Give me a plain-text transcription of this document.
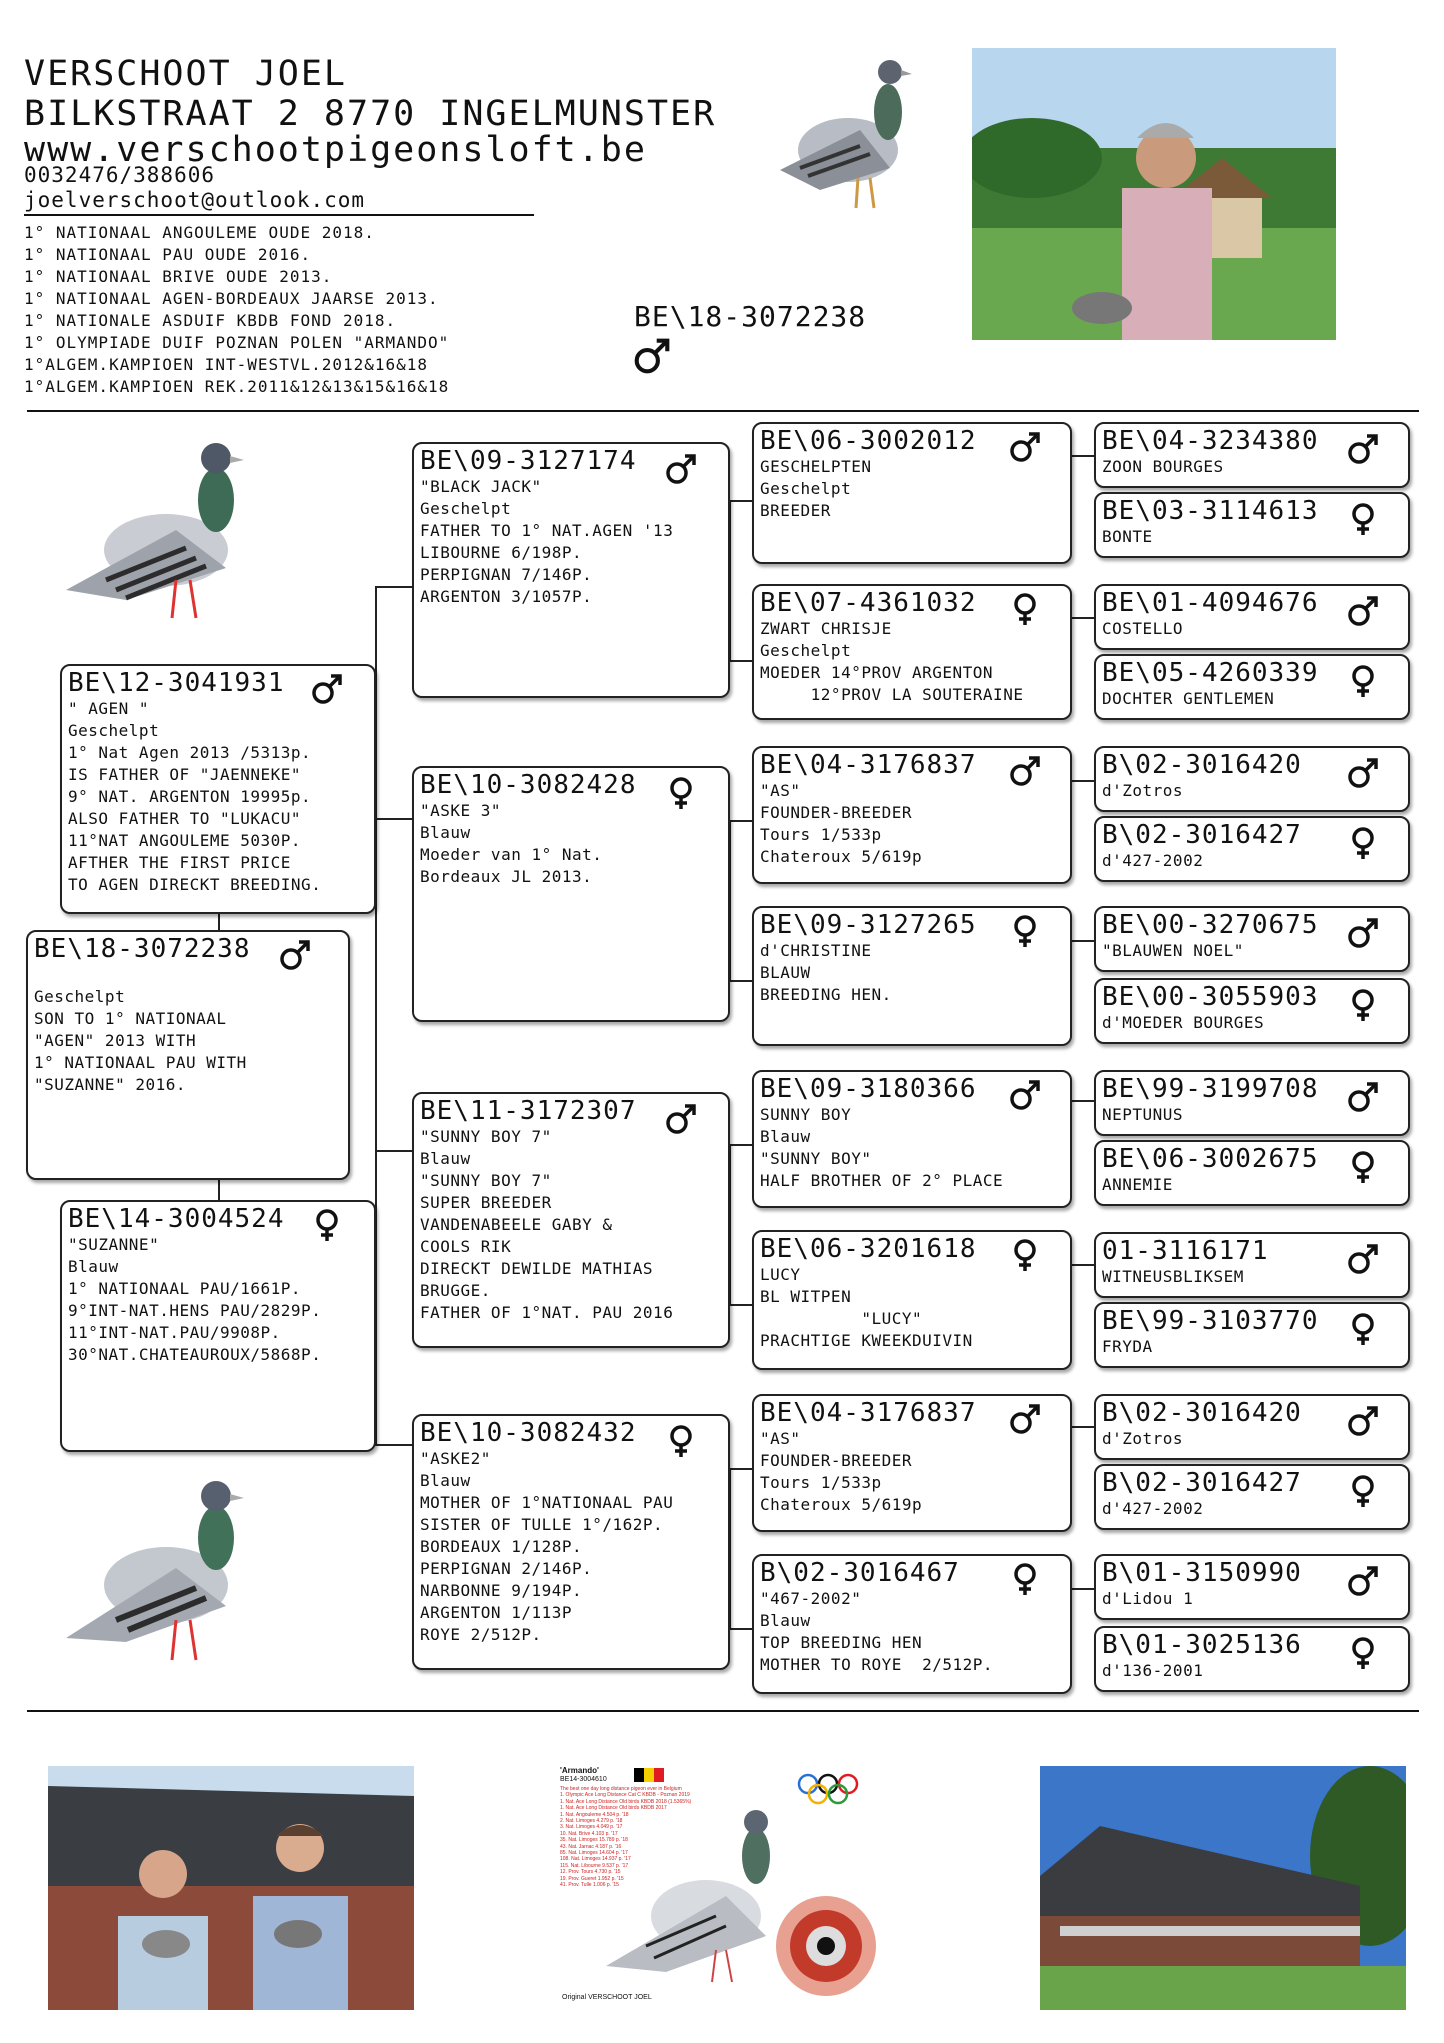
VERSCHOOT JOEL
BILKSTRAAT 2 8770 INGELMUNSTER
www.verschootpigeonsloft.be
0032476/388606
joelverschoot@outlook.com
1° NATIONAAL ANGOULEME OUDE 2018.
1° NATIONAAL PAU OUDE 2016.
1° NATIONAAL BRIVE OUDE 2013.
1° NATIONAAL AGEN-BORDEAUX JAARSE 2013.
1° NATIONALE ASDUIF KBDB FOND 2018.
1° OLYMPIADE DUIF POZNAN POLEN "ARMANDO"
1°ALGEM.KAMPIOEN INT-WESTVL.2012&16&18
1°ALGEM.KAMPIOEN REK.2011&12&13&15&16&18
BE\18-3072238
BE\18-3072238

Geschelpt
SON TO 1° NATIONAAL
"AGEN" 2013 WITH
1° NATIONAAL PAU WITH
"SUZANNE" 2016.
BE\12-3041931
" AGEN "
Geschelpt
1° Nat Agen 2013 /5313p.
IS FATHER OF "JAENNEKE"
9° NAT. ARGENTON 19995p.
ALSO FATHER TO "LUKACU"
11°NAT ANGOULEME 5030P.
AFTHER THE FIRST PRICE
TO AGEN DIRECKT BREEDING.
BE\14-3004524
"SUZANNE"
Blauw
1° NATIONAAL PAU/1661P.
9°INT-NAT.HENS PAU/2829P.
11°INT-NAT.PAU/9908P.
30°NAT.CHATEAUROUX/5868P.
BE\09-3127174
"BLACK JACK"
Geschelpt
FATHER TO 1° NAT.AGEN '13
LIBOURNE 6/198P.
PERPIGNAN 7/146P.
ARGENTON 3/1057P.
BE\10-3082428
"ASKE 3"
Blauw
Moeder van 1° Nat.
Bordeaux JL 2013.
BE\11-3172307
"SUNNY BOY 7"
Blauw
"SUNNY BOY 7"
SUPER BREEDER
VANDENABEELE GABY &
COOLS RIK
DIRECKT DEWILDE MATHIAS
BRUGGE.
FATHER OF 1°NAT. PAU 2016
BE\10-3082432
"ASKE2"
Blauw
MOTHER OF 1°NATIONAAL PAU
SISTER OF TULLE 1°/162P.
BORDEAUX 1/128P.
PERPIGNAN 2/146P.
NARBONNE 9/194P.
ARGENTON 1/113P
ROYE 2/512P.
BE\06-3002012
GESCHELPTEN
Geschelpt
BREEDER
BE\07-4361032
ZWART CHRISJE
Geschelpt
MOEDER 14°PROV ARGENTON
12°PROV LA SOUTERAINE
BE\04-3176837
"AS"
FOUNDER-BREEDER
Tours 1/533p
Chateroux 5/619p
BE\09-3127265
d'CHRISTINE
BLAUW
BREEDING HEN.
BE\09-3180366
SUNNY BOY
Blauw
"SUNNY BOY"
HALF BROTHER OF 2° PLACE
BE\06-3201618
LUCY
BL WITPEN
"LUCY"
PRACHTIGE KWEEKDUIVIN
BE\04-3176837
"AS"
FOUNDER-BREEDER
Tours 1/533p
Chateroux 5/619p
B\02-3016467
"467-2002"
Blauw
TOP BREEDING HEN
MOTHER TO ROYE  2/512P.
BE\04-3234380
ZOON BOURGES
BE\03-3114613
BONTE
BE\01-4094676
COSTELLO
BE\05-4260339
DOCHTER GENTLEMEN
B\02-3016420
d'Zotros
B\02-3016427
d'427-2002
BE\00-3270675
"BLAUWEN NOEL"
BE\00-3055903
d'MOEDER BOURGES
BE\99-3199708
NEPTUNUS
BE\06-3002675
ANNEMIE
01-3116171
WITNEUSBLIKSEM
BE\99-3103770
FRYDA
B\02-3016420
d'Zotros
B\02-3016427
d'427-2002
B\01-3150990
d'Lidou 1
B\01-3025136
d'136-2001
'Armando'
BE14-3004610
The best one day long distance pigeon ever in Belgium
1. Olympic Ace Long Distance Cat C KBDB - Poznan 2019
1. Nat. Ace Long Distance Old birds KBDB 2018 (1.5365%)
1. Nat. Ace Long Distance Old birds KBDB 2017
1. Nat. Angouleme 4.504 p. '18
2. Nat. Limoges 4.279 p. '18
3. Nat. Limoges 4.049 p. '17
10. Nat. Brive 4.103 p. '17
35. Nat. Limoges 15.789 p. '18
43. Nat. Jarnac 4.187 p. '16
85. Nat. Limoges 14.604 p. '17
108. Nat. Limoges 14.937 p. '17
115. Nat. Libourne 9.537 p. '17
12. Prov. Tours 4.730 p. '15
19. Prov. Gueret 1.952 p. '15
41. Prov. Tulle 1.006 p. '15
Original VERSCHOOT JOEL
